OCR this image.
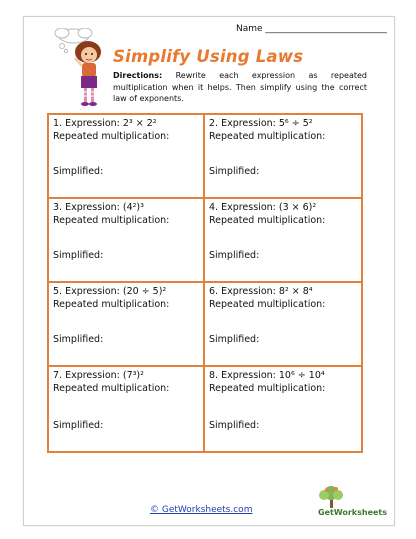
Name ___________________________
Simplify Using Laws
Directions: Rewrite each expression as repeated multiplication when it helps. Then simplify using the correct law of exponents.
1. Expression: 2³ × 2²
Repeated multiplication:
Simplified:
2. Expression: 5⁶ ÷ 5²
Repeated multiplication:
Simplified:
3. Expression: (4²)³
Repeated multiplication:
Simplified:
4. Expression: (3 × 6)²
Repeated multiplication:
Simplified:
5. Expression: (20 ÷ 5)²
Repeated multiplication:
Simplified:
6. Expression: 8² × 8⁴
Repeated multiplication:
Simplified:
7. Expression: (7³)²
Repeated multiplication:
Simplified:
8. Expression: 10⁶ ÷ 10⁴
Repeated multiplication:
Simplified:
© GetWorksheets.com	GetWorksheets
